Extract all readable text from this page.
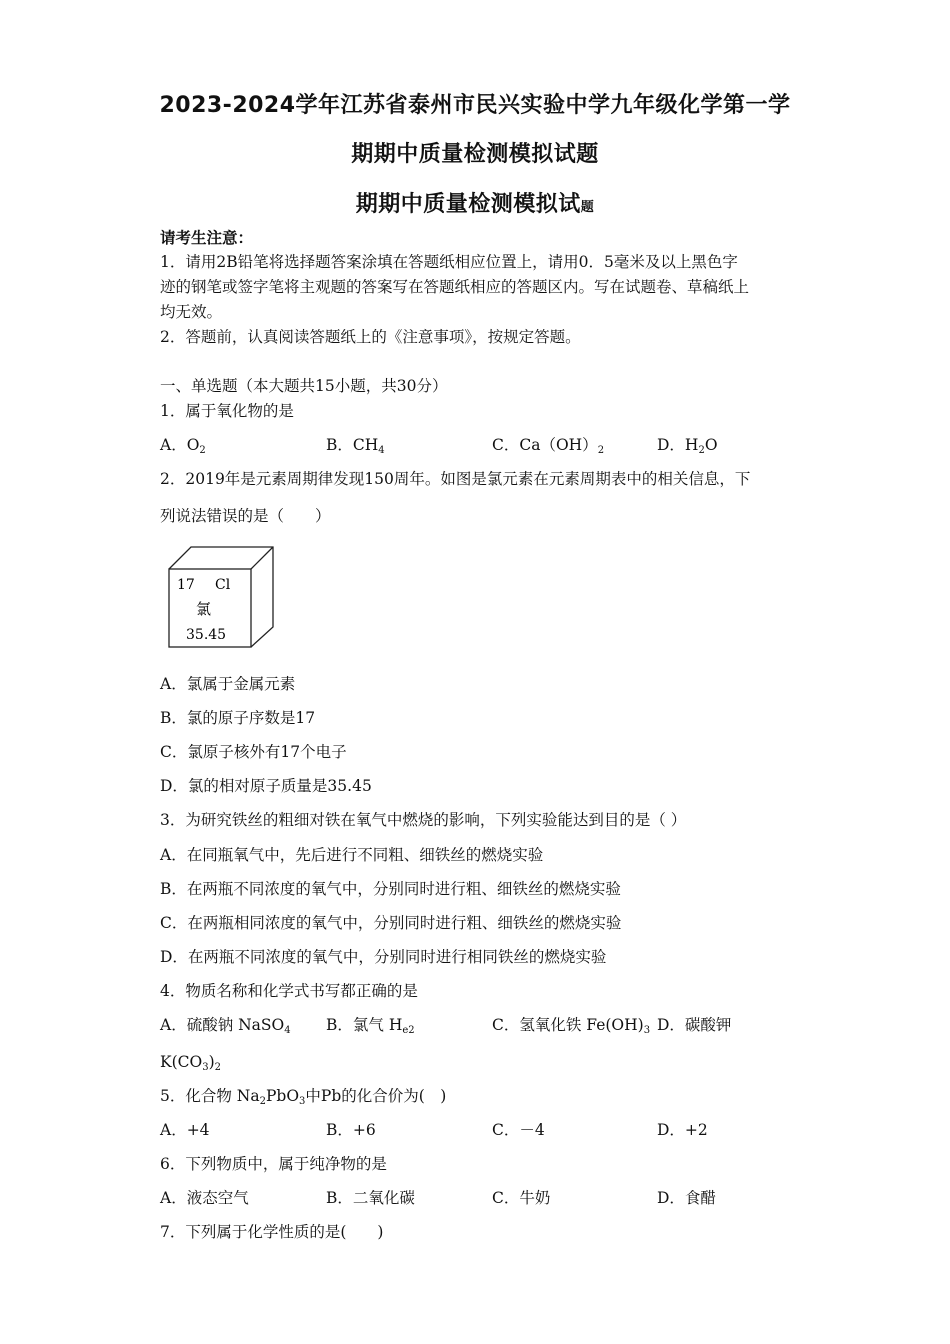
2023-2024学年江苏省泰州市民兴实验中学九年级化学第一学
期期中质量检测模拟试题
期期中质量检测模拟试题
请考生注意：
1．请用2B铅笔将选择题答案涂填在答题纸相应位置上，请用0．5毫米及以上黑色字
迹的钢笔或签字笔将主观题的答案写在答题纸相应的答题区内。写在试题卷、草稿纸上
均无效。
2．答题前，认真阅读答题纸上的《注意事项》，按规定答题。
一、单选题（本大题共15小题，共30分）
1．属于氧化物的是
A．$O_2$	B．$CH_4$	C．$Ca(OH)_2$	D．$H_2O$
2．2019年是元素周期律发现150周年。如图是氯元素在元素周期表中的相关信息，下
列说法错误的是（　　）
17 Cl
氯
35.45
A．氯属于金属元素
B．氯的原子序数是17
C．氯原子核外有17个电子
D．氯的相对原子质量是35.45
3．为研究铁丝的粗细对铁在氧气中燃烧的影响，下列实验能达到目的是（ ）
A．在同瓶氧气中，先后进行不同粗、细铁丝的燃烧实验
B．在两瓶不同浓度的氧气中，分别同时进行粗、细铁丝的燃烧实验
C．在两瓶相同浓度的氧气中，分别同时进行粗、细铁丝的燃烧实验
D．在两瓶不同浓度的氧气中，分别同时进行相同铁丝的燃烧实验
4．物质名称和化学式书写都正确的是
A．硫酸钠 NaSO$_4$ B．氯气 $H_{e2}$	C．氢氧化铁 $Fe(OH)_3$ D．碳酸钾
$K(CO_3)_2$
5．化合物 $Na_2PbO_3$中Pb的化合价为(　)
A．+4	B．+6	C．－4	D．+2
6．下列物质中，属于纯净物的是
A．液态空气	B．二氧化碳	C．牛奶	D．食醋
7．下列属于化学性质的是(　　)
